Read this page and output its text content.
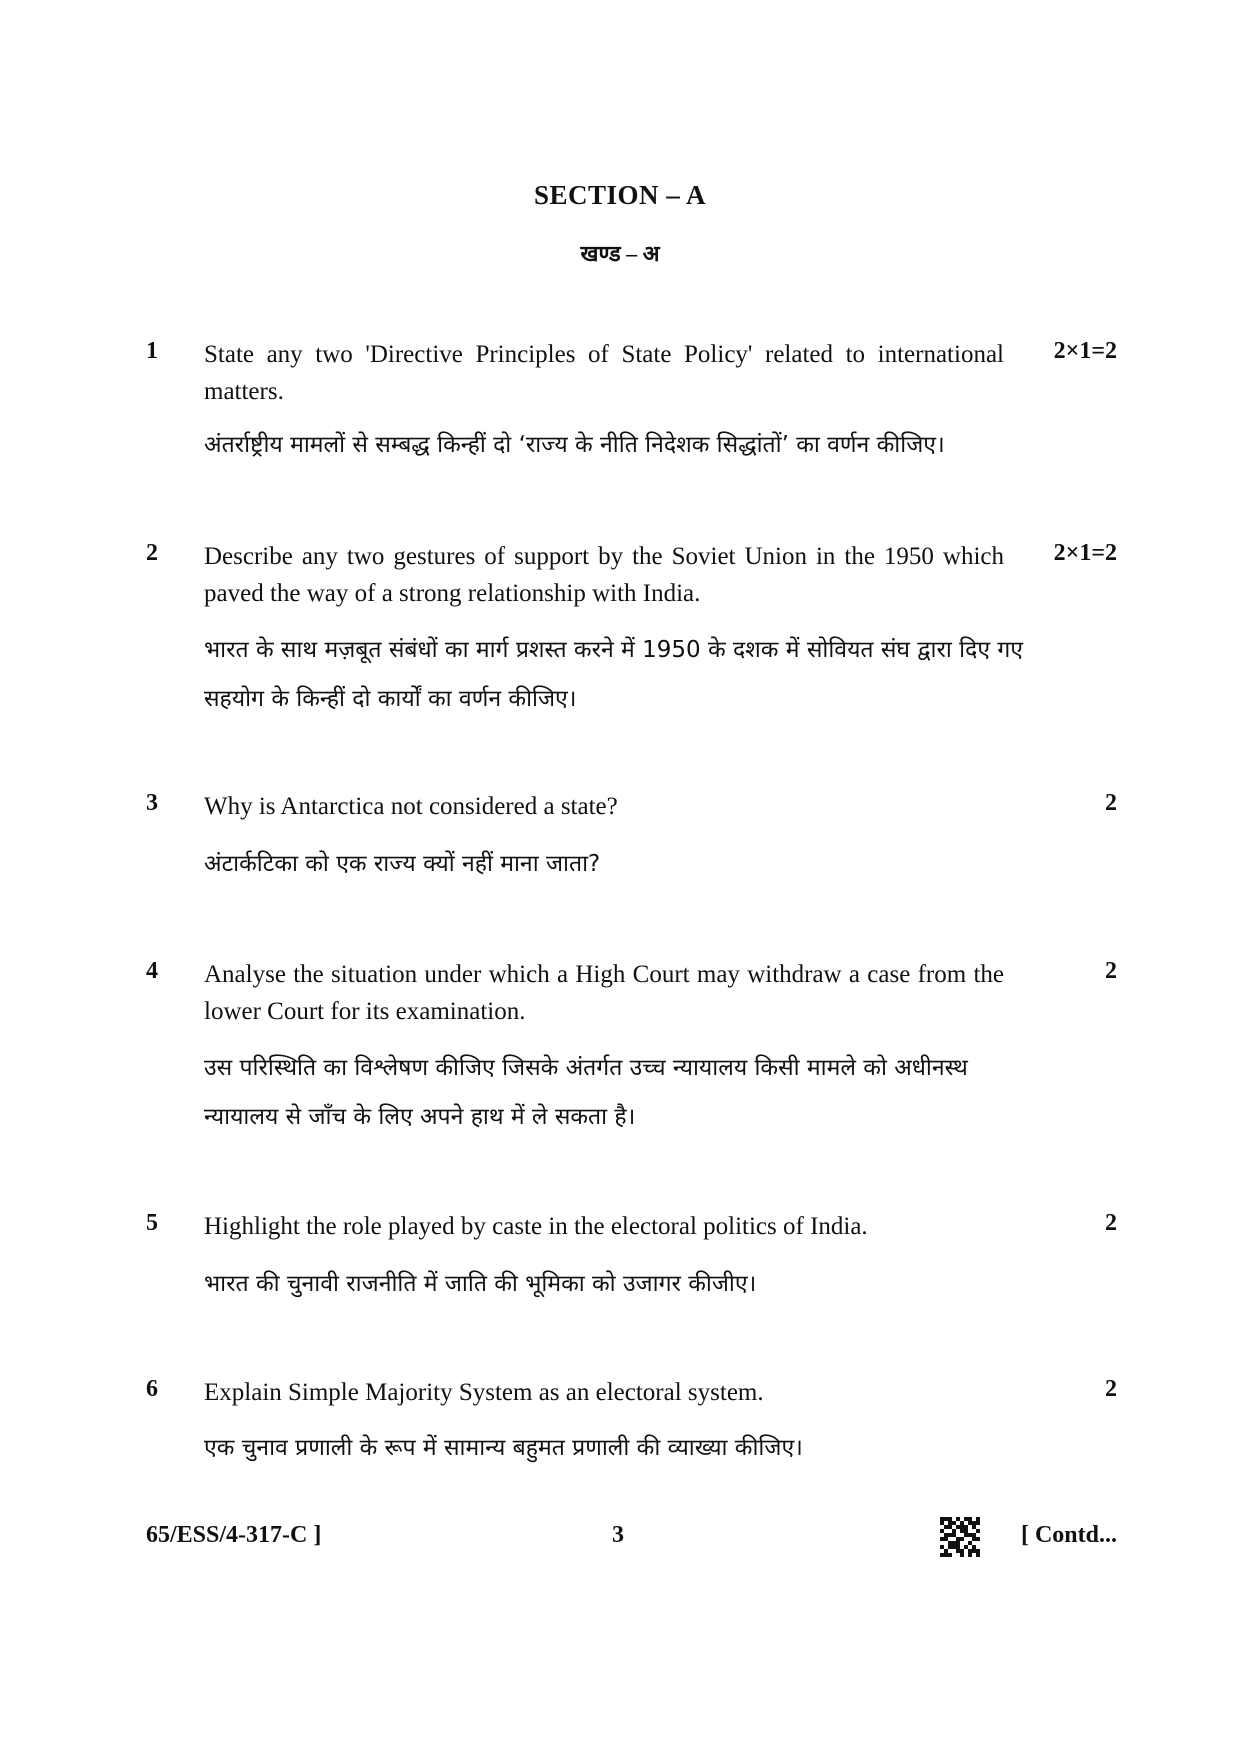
SECTION – A
खण्ड – अ
1 State any two 'Directive Principles of State Policy' related to international matters.
2×1=2
अंतर्राष्ट्रीय मामलों से सम्बद्ध किन्हीं दो ‘राज्य के नीति निदेशक सिद्धांतों’ का वर्णन कीजिए।
2 Describe any two gestures of support by the Soviet Union in the 1950 which paved the way of a strong relationship with India.
2×1=2
भारत के साथ मज़बूत संबंधों का मार्ग प्रशस्त करने में 1950 के दशक में सोवियत संघ द्वारा दिए गए सहयोग के किन्हीं दो कार्यों का वर्णन कीजिए।
3 Why is Antarctica not considered a state?	2
अंटार्कटिका को एक राज्य क्यों नहीं माना जाता?
4 Analyse the situation under which a High Court may withdraw a case from the lower Court for its examination.
2
उस परिस्थिति का विश्लेषण कीजिए जिसके अंतर्गत उच्च न्यायालय किसी मामले को अधीनस्थ न्यायालय से जाँच के लिए अपने हाथ में ले सकता है।
5 Highlight the role played by caste in the electoral politics of India.	2
भारत की चुनावी राजनीति में जाति की भूमिका को उजागर कीजीए।
6 Explain Simple Majority System as an electoral system.	2
एक चुनाव प्रणाली के रूप में सामान्य बहुमत प्रणाली की व्याख्या कीजिए।
65/ESS/4-317-C ]	3	[ Contd...
